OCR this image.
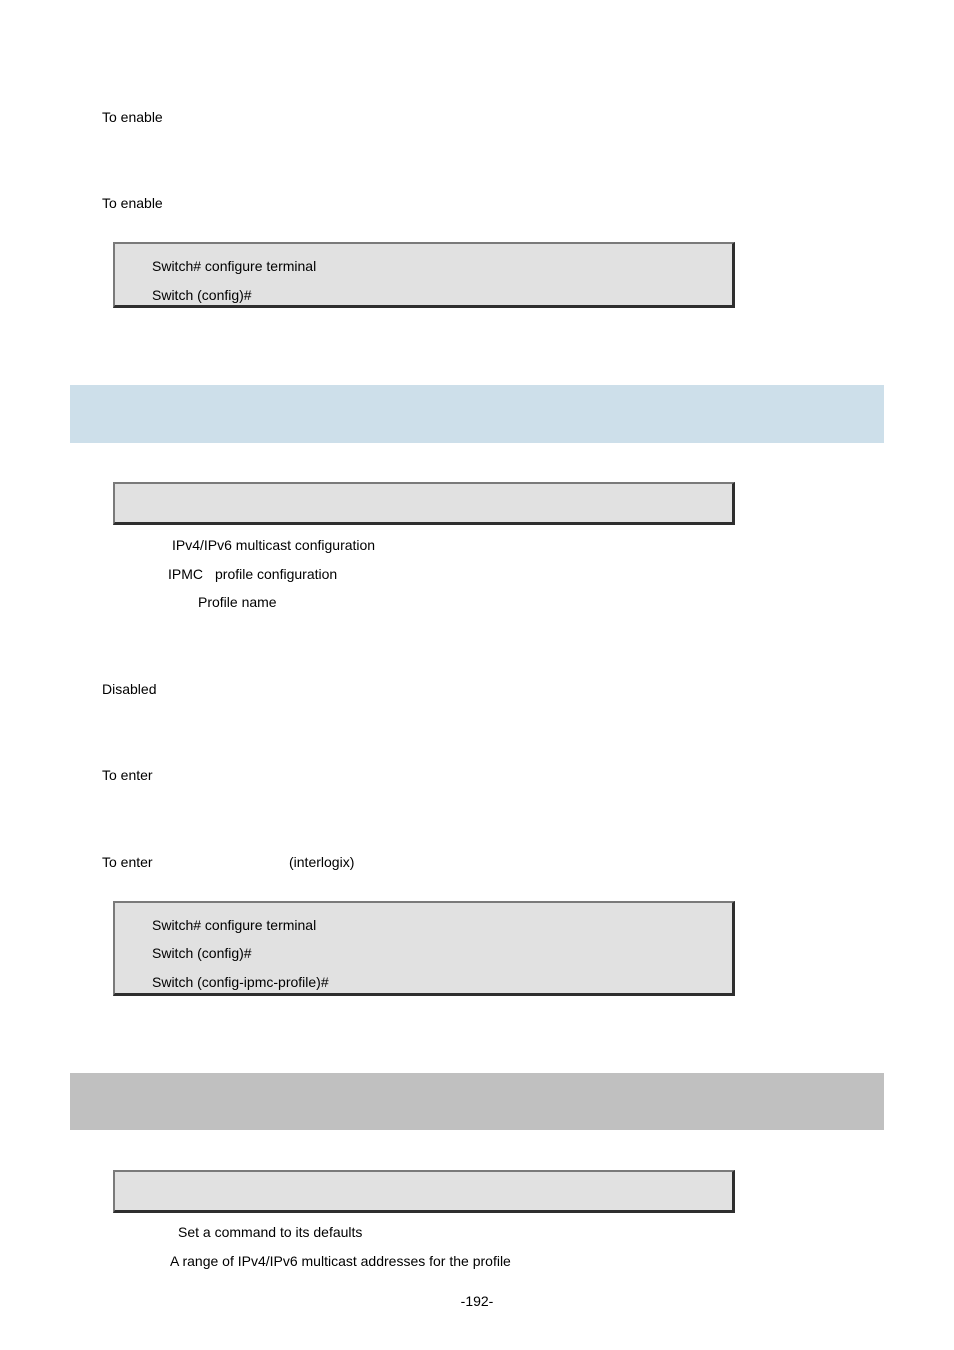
To enable
To enable
Switch# configure terminal
Switch (config)#
IPv4/IPv6 multicast configuration
IPMC profile configuration
Profile name
Disabled
To enter
To enter	(interlogix)
Switch# configure terminal
Switch (config)#
Switch (config-ipmc-profile)#
Set a command to its defaults
A range of IPv4/IPv6 multicast addresses for the profile
-192-
